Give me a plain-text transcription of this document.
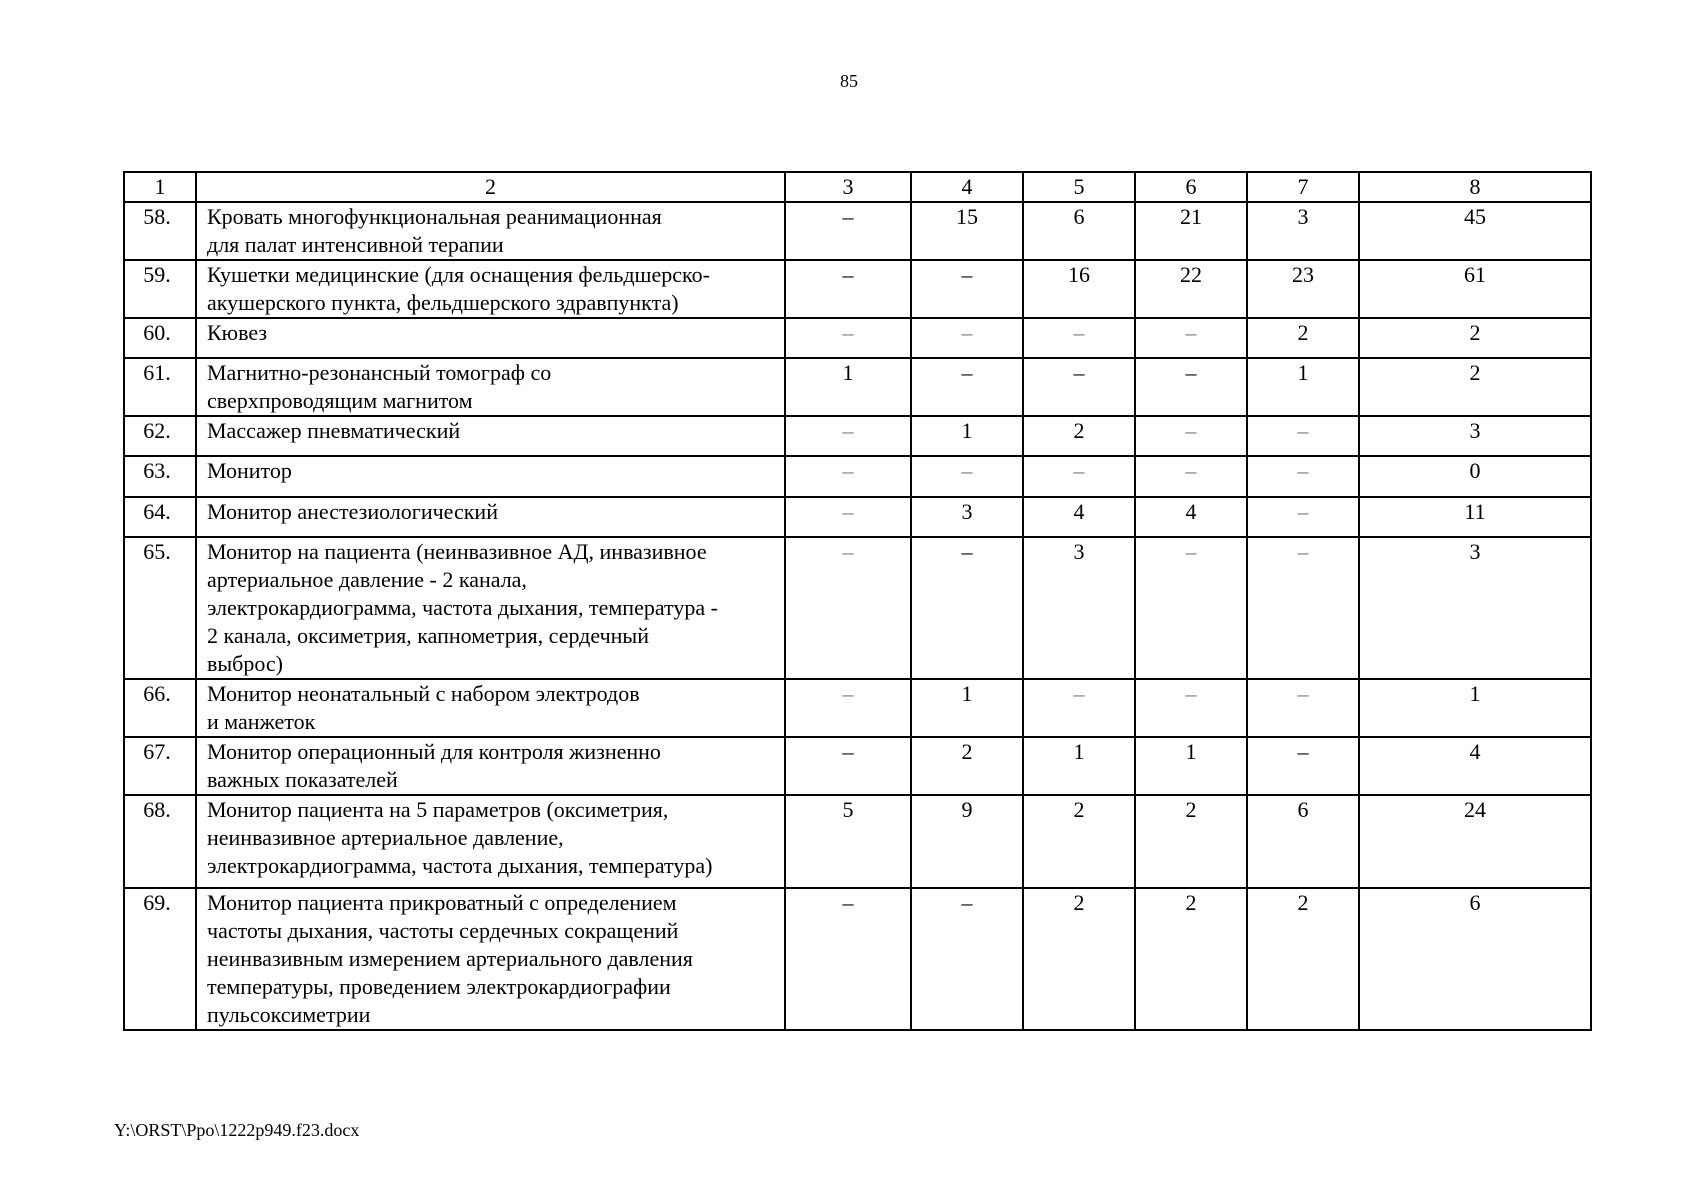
85
1	2	3	4	5	6	7	8
58.	Кровать многофункциональная реанимационная
для палат интенсивной терапии	–	15	6	21	3	45
59.	Кушетки медицинские (для оснащения фельдшерско-
акушерского пункта, фельдшерского здравпункта)	–	–	16	22	23	61
60.	Кювез	–	–	–	–	2	2
61.	Магнитно-резонансный томограф со
сверхпроводящим магнитом	1	–	–	–	1	2
62.	Массажер пневматический	–	1	2	–	–	3
63.	Монитор	–	–	–	–	–	0
64.	Монитор анестезиологический	–	3	4	4	–	11
65.	Монитор на пациента (неинвазивное АД, инвазивное
артериальное давление - 2 канала,
электрокардиограмма, частота дыхания, температура -
2 канала, оксиметрия, капнометрия, сердечный
выброс)	–	–	3	–	–	3
66.	Монитор неонатальный с набором электродов
и манжеток	–	1	–	–	–	1
67.	Монитор операционный для контроля жизненно
важных показателей	–	2	1	1	–	4
68.	Монитор пациента на 5 параметров (оксиметрия,
неинвазивное артериальное давление,
электрокардиограмма, частота дыхания, температура)	5	9	2	2	6	24
69.	Монитор пациента прикроватный с определением
частоты дыхания, частоты сердечных сокращений
неинвазивным измерением артериального давления
температуры, проведением электрокардиографии
пульсоксиметрии	–	–	2	2	2	6
Y:\ORST\Ppo\1222p949.f23.docx
